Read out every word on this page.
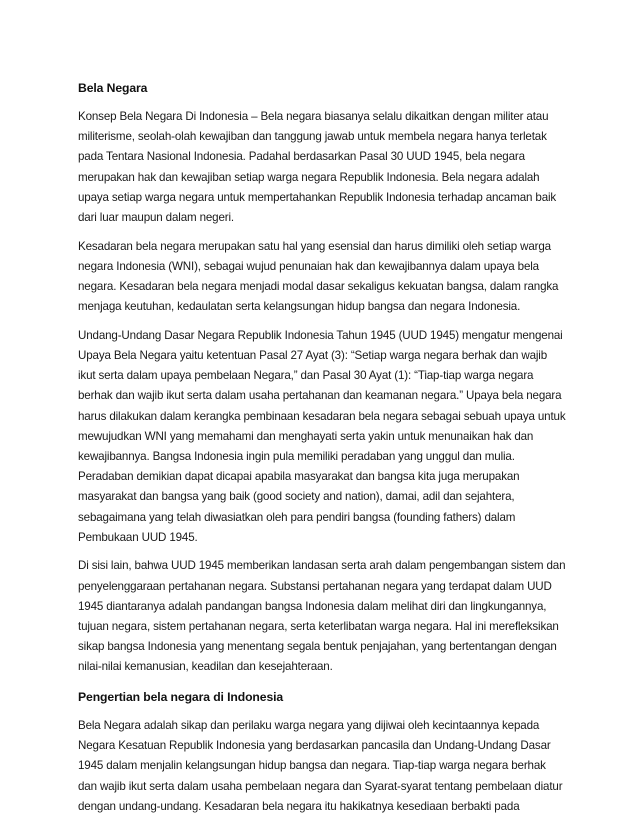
Bela Negara

Konsep Bela Negara Di Indonesia – Bela negara biasanya selalu dikaitkan dengan militer atau militerisme, seolah-olah kewajiban dan tanggung jawab untuk membela negara hanya terletak pada Tentara Nasional Indonesia. Padahal berdasarkan Pasal 30 UUD 1945, bela negara merupakan hak dan kewajiban setiap warga negara Republik Indonesia. Bela negara adalah upaya setiap warga negara untuk mempertahankan Republik Indonesia terhadap ancaman baik dari luar maupun dalam negeri.

Kesadaran bela negara merupakan satu hal yang esensial dan harus dimiliki oleh setiap warga negara Indonesia (WNI), sebagai wujud penunaian hak dan kewajibannya dalam upaya bela negara. Kesadaran bela negara menjadi modal dasar sekaligus kekuatan bangsa, dalam rangka menjaga keutuhan, kedaulatan serta kelangsungan hidup bangsa dan negara Indonesia.

Undang-Undang Dasar Negara Republik Indonesia Tahun 1945 (UUD 1945) mengatur mengenai Upaya Bela Negara yaitu ketentuan Pasal 27 Ayat (3): “Setiap warga negara berhak dan wajib ikut serta dalam upaya pembelaan Negara,” dan Pasal 30 Ayat (1): “Tiap-tiap warga negara berhak dan wajib ikut serta dalam usaha pertahanan dan keamanan negara.” Upaya bela negara harus dilakukan dalam kerangka pembinaan kesadaran bela negara sebagai sebuah upaya untuk mewujudkan WNI yang memahami dan menghayati serta yakin untuk menunaikan hak dan kewajibannya. Bangsa Indonesia ingin pula memiliki peradaban yang unggul dan mulia. Peradaban demikian dapat dicapai apabila masyarakat dan bangsa kita juga merupakan masyarakat dan bangsa yang baik (good society and nation), damai, adil dan sejahtera, sebagaimana yang telah diwasiatkan oleh para pendiri bangsa (founding fathers) dalam Pembukaan UUD 1945.

Di sisi lain, bahwa UUD 1945 memberikan landasan serta arah dalam pengembangan sistem dan penyelenggaraan pertahanan negara. Substansi pertahanan negara yang terdapat dalam UUD 1945 diantaranya adalah pandangan bangsa Indonesia dalam melihat diri dan lingkungannya, tujuan negara, sistem pertahanan negara, serta keterlibatan warga negara. Hal ini merefleksikan sikap bangsa Indonesia yang menentang segala bentuk penjajahan, yang bertentangan dengan nilai-nilai kemanusian, keadilan dan kesejahteraan.

Pengertian bela negara di Indonesia

Bela Negara adalah sikap dan perilaku warga negara yang dijiwai oleh kecintaannya kepada Negara Kesatuan Republik Indonesia yang berdasarkan pancasila dan Undang-Undang Dasar 1945 dalam menjalin kelangsungan hidup bangsa dan negara. Tiap-tiap warga negara berhak dan wajib ikut serta dalam usaha pembelaan negara dan Syarat-syarat tentang pembelaan diatur dengan undang-undang. Kesadaran bela negara itu hakikatnya kesediaan berbakti pada
